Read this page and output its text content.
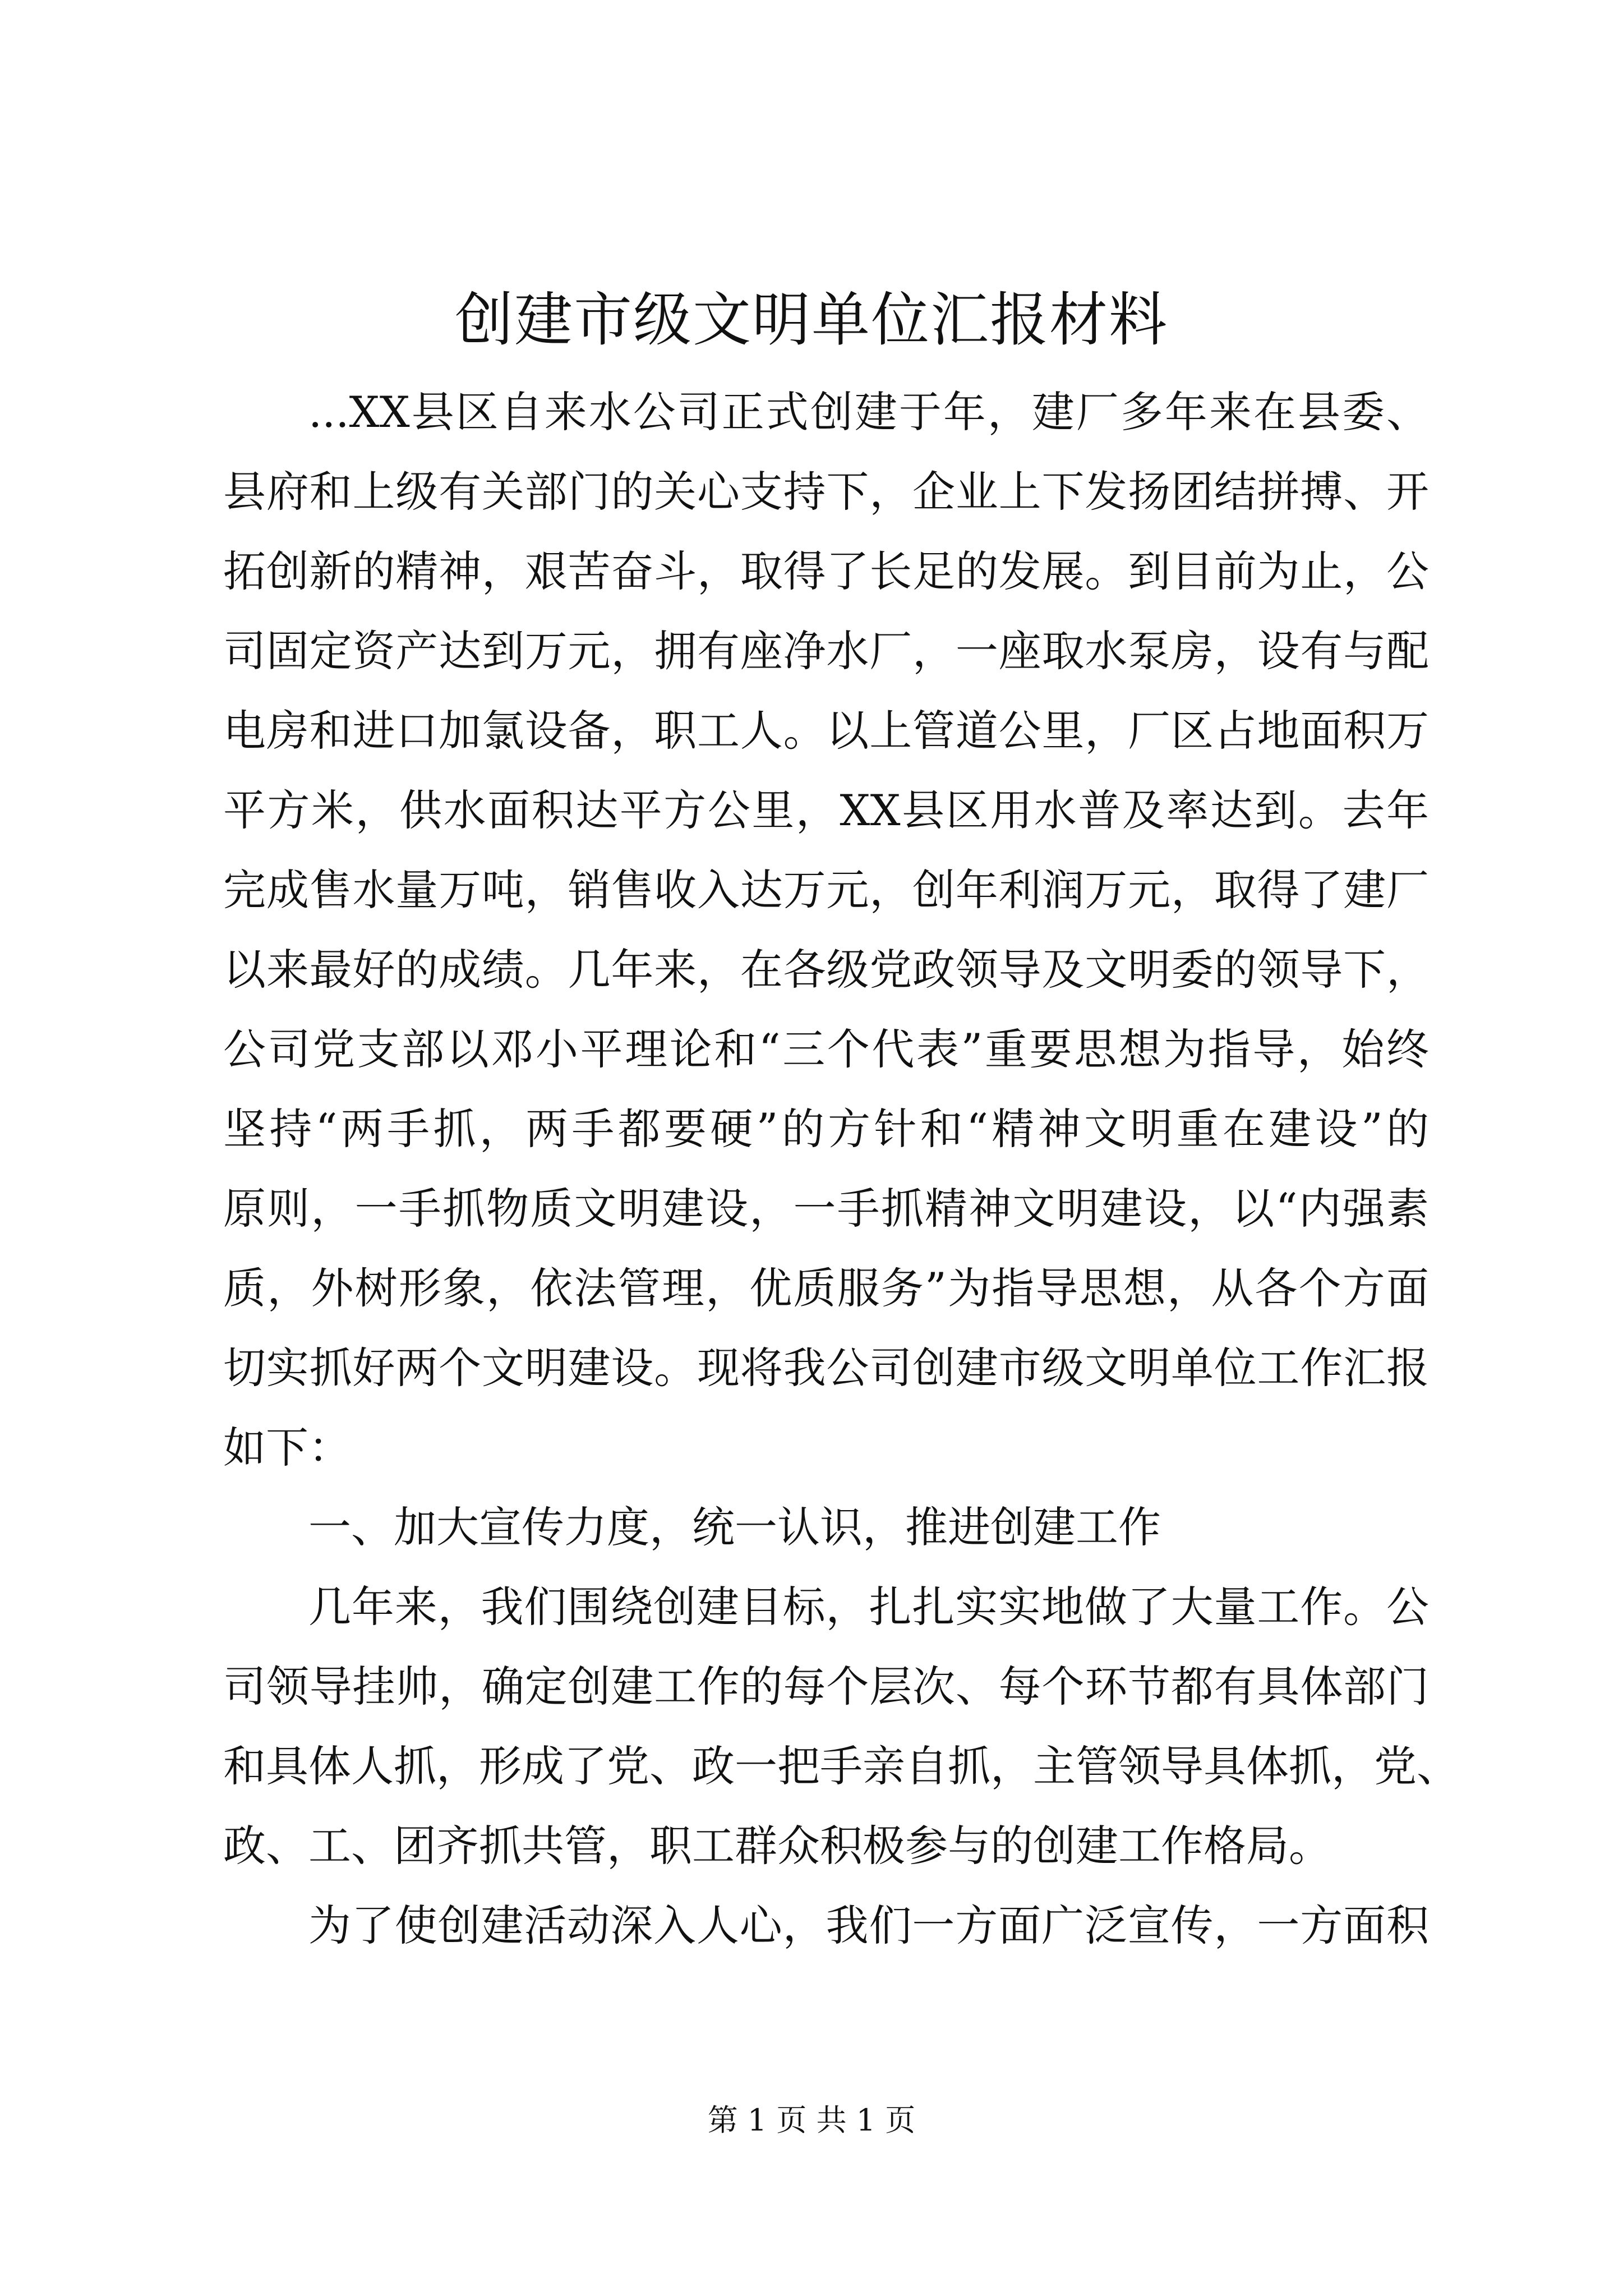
创建市级文明单位汇报材料
...XX县区自来水公司正式创建于年，建厂多年来在县委、
县府和上级有关部门的关心支持下，企业上下发扬团结拼搏、开
拓创新的精神，艰苦奋斗，取得了长足的发展。到目前为止，公
司固定资产达到万元，拥有座净水厂，一座取水泵房，设有与配
电房和进口加氯设备，职工人。以上管道公里，厂区占地面积万
平方米，供水面积达平方公里，XX县区用水普及率达到。去年
完成售水量万吨，销售收入达万元，创年利润万元，取得了建厂
以来最好的成绩。几年来，在各级党政领导及文明委的领导下，
公司党支部以邓小平理论和“三个代表”重要思想为指导，始终
坚持“两手抓，两手都要硬”的方针和“精神文明重在建设”的
原则，一手抓物质文明建设，一手抓精神文明建设，以“内强素
质，外树形象，依法管理，优质服务”为指导思想，从各个方面
切实抓好两个文明建设。现将我公司创建市级文明单位工作汇报
如下：
一、加大宣传力度，统一认识，推进创建工作
几年来，我们围绕创建目标，扎扎实实地做了大量工作。公
司领导挂帅，确定创建工作的每个层次、每个环节都有具体部门
和具体人抓，形成了党、政一把手亲自抓，主管领导具体抓，党、
政、工、团齐抓共管，职工群众积极参与的创建工作格局。
为了使创建活动深入人心，我们一方面广泛宣传，一方面积
第 1 页 共 1 页
